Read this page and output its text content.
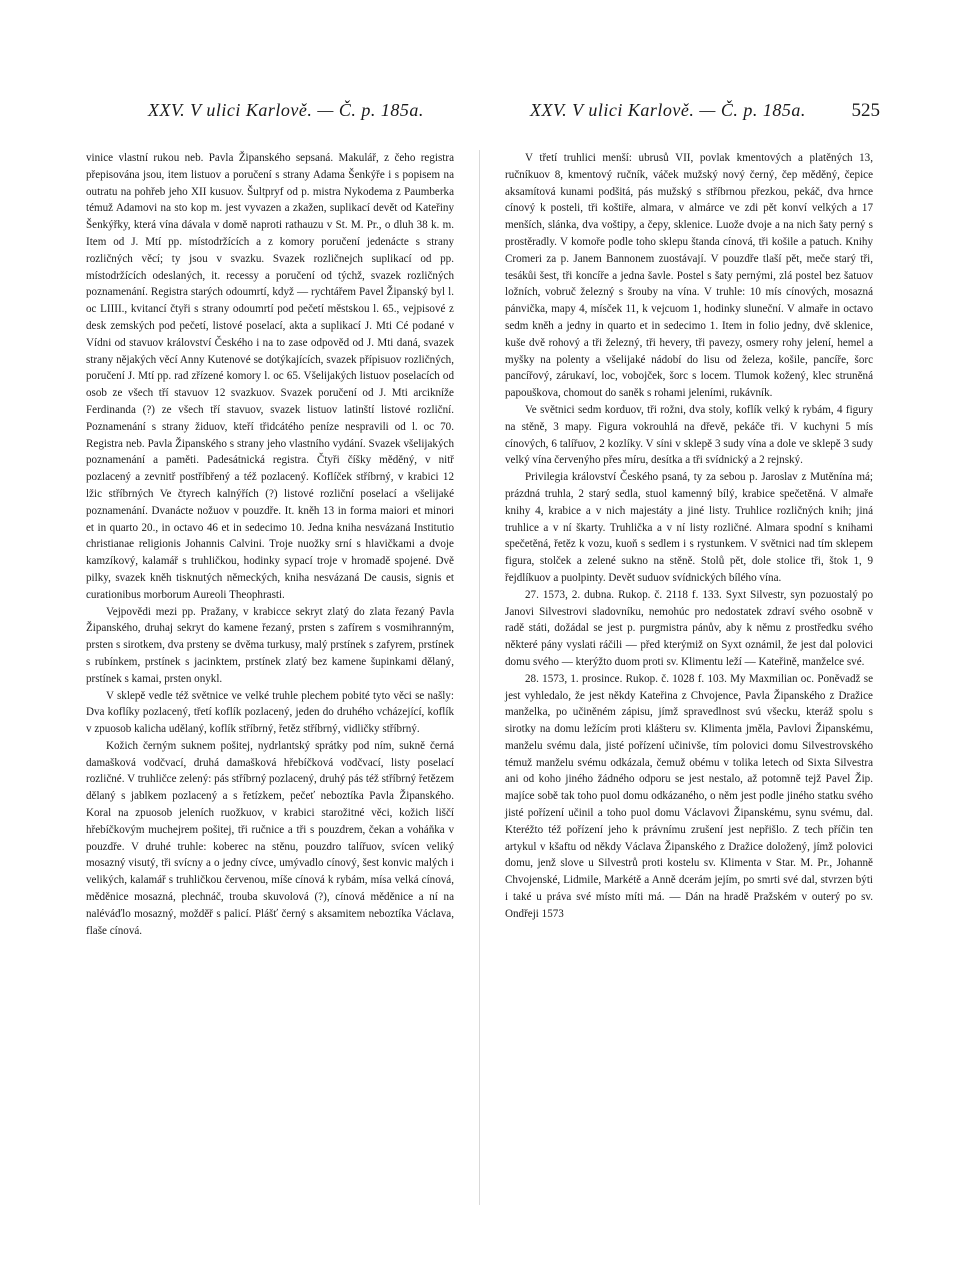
XXV. V ulici Karlově. — Č. p. 185a.	XXV. V ulici Karlově. — Č. p. 185a.	525

vinice vlastní rukou neb. Pavla Žipanského sepsaná. Makulář, z čeho registra přepisována jsou, item listuov a poručení s strany Adama Šenkýře i s popisem na outratu na pohřeb jeho XII kusuov. Šultpryf od p. mistra Nykodema z Paumberka témuž Adamovi na sto kop m. jest vyvazen a zkažen, suplikací devět od Kateřiny Šenkýřky, která vína dávala v domě naproti rathauzu v St. M. Pr., o dluh 38 k. m. Item od J. Mtí pp. místodržících a z komory poručení jedenácte s strany rozličných věcí; ty jsou v svazku. Svazek rozličnejch suplikací od pp. místodržících odeslaných, it. recessy a poručení od týchž, svazek rozličných poznamenání. Registra starých odoumrtí, když — rychtářem Pavel Žipanský byl l. oc LIIII., kvitancí čtyři s strany odoumrtí pod pečetí městskou l. 65., vejpisové z desk zemských pod pečetí, listové poselací, akta a suplikací J. Mti Cé podané v Vídni od stavuov království Českého i na to zase odpověd od J. Mti daná, svazek strany nějakých věcí Anny Kutenové se dotýkajících, svazek přípisuov rozličných, poručení J. Mtí pp. rad zřízené komory l. oc 65. Všelijakých listuov poselacích od osob ze všech tří stavuov 12 svazkuov. Svazek poručení od J. Mti arcikníže Ferdinanda (?) ze všech tří stavuov, svazek listuov latinští listové rozliční. Poznamenání s strany židuov, kteří třidcátého peníze nespravili od l. oc 70. Registra neb. Pavla Žipanského s strany jeho vlastního vydání. Svazek všelijakých poznamenání a paměti. Padesátnická registra. Čtyři číšky měděný, v nitř pozlacený a zevnitř postříbřený a též pozlacený. Koflíček stříbrný, v krabici 12 lžic stříbrných Ve čtyrech kalnýřích (?) listové rozliční poselací a všelijaké poznamenání. Dvanácte nožuov v pouzdře. It. kněh 13 in forma maiori et minori et in quarto 20., in octavo 46 et in sedecimo 10. Jedna kniha nesvázaná Institutio christianae religionis Johannis Calvini. Troje nuožky srní s hlavičkami a dvoje kamzíkový, kalamář s truhličkou, hodinky sypací troje v hromadě spojené. Dvě pilky, svazek kněh tisknutých německých, kniha nesvázaná De causis, signis et curationibus morborum Aureoli Theophrasti.

Vejpovědi mezi pp. Pražany, v krabicce sekryt zlatý do zlata řezaný Pavla Žipanského, druhaj sekryt do kamene řezaný, prsten s zafírem s vosmihranným, prsten s sirotkem, dva prsteny se dvěma turkusy, malý prstínek s zafyrem, prstínek s rubínkem, prstínek s jacinktem, prstínek zlatý bez kamene šupinkami dělaný, prstínek s kamai, prsten onykl.

V sklepě vedle též světnice ve velké truhle plechem pobité tyto věci se našly: Dva koflíky pozlacený, třetí koflík pozlacený, jeden do druhého vcházející, koflík v zpuosob kalicha udělaný, koflík stříbrný, řetěz stříbrný, vidličky stříbrný.

Kožich černým suknem pošitej, nydrlantský sprátky pod ním, sukně černá damašková vodčvací, druhá damašková hřebíčková vodčvací, listy poselací rozličné. V truhličce zelený: pás stříbrný pozlacený, druhý pás též stříbrný řetězem dělaný s jablkem pozlacený a s řetízkem, pečeť neboztíka Pavla Žipanského. Koral na zpuosob jeleních ruožkuov, v krabici starožitné věci, kožich liščí hřebíčkovým muchejrem pošitej, tři ručnice a tři s pouzdrem, čekan a voháňka v pouzdře. V druhé truhle: koberec na stěnu, pouzdro talířuov, svícen veliký mosazný visutý, tři svícny a o jedny cívce, umývadlo cínový, šest konvic malých i velikých, kalamář s truhličkou červenou, míše cínová k rybám, mísa velká cínová, měděnice mosazná, plechnáč, trouba skuvolová (?), cínová měděnice a ní na naléváďlo mosazný, možděř s palicí. Plášť černý s aksamitem neboztíka Václava, flaše cínová.

V třetí truhlici menší: ubrusů VII, povlak kmentových a platěných 13, ručníkuov 8, kmentový ručník, váček mužský nový černý, čep měděný, čepice aksamítová kunami podšitá, pás mužský s stříbrnou přezkou, pekáč, dva hrnce cínový k posteli, tři koštiře, almara, v almárce ve zdi pět konví velkých a 17 menších, slánka, dva voštipy, a čepy, sklenice. Luože dvoje a na nich šaty perný s prostěradly. V komoře podle toho sklepu štanda cínová, tři košile a patuch. Knihy Cromeri za p. Janem Bannonem zuostávají. V pouzdře tlaší pět, meče starý tři, tesákůi šest, tři koncíře a jedna šavle. Postel s šaty pernými, zlá postel bez šatuov ložních, vobruč železný s šrouby na vína. V truhle: 10 mís cínových, mosazná pánvička, mapy 4, mísček 11, k vejcuom 1, hodinky sluneční. V almaře in octavo sedm kněh a jedny in quarto et in sedecimo 1. Item in folio jedny, dvě sklenice, kuše dvě rohový a tři železný, tři hevery, tři pavezy, osmery rohy jelení, hemel a myšky na polenty a všelijaké nádobí do lisu od železa, košile, pancíře, šorc pancířový, zárukaví, loc, vobojček, šorc s locem. Tlumok kožený, klec struněná papouškova, chomout do saněk s rohami jeleními, rukávník.

Ve světnici sedm korduov, tři rožni, dva stoly, koflík velký k rybám, 4 figury na stěně, 3 mapy. Figura vokrouhlá na dřevě, pekáče tři. V kuchyni 5 mís cínových, 6 talířuov, 2 kozlíky. V síni v sklepě 3 sudy vína a dole ve sklepě 3 sudy velký vína červenýho přes míru, desítka a tři svídnický a 2 rejnský.

Privilegia království Českého psaná, ty za sebou p. Jaroslav z Mutěnína má; prázdná truhla, 2 starý sedla, stuol kamenný bílý, krabice spečetěná. V almaře knihy 4, krabice a v nich majestáty a jiné listy. Truhlice rozličných knih; jiná truhlice a v ní škarty. Truhlička a v ní listy rozličné. Almara spodní s knihami spečetěná, řetěz k vozu, kuoň s sedlem i s rystunkem. V světnici nad tím sklepem figura, stolček a zelené sukno na stěně. Stolů pět, dole stolice tři, štok 1, 9 řejdlíkuov a puolpinty. Devět suduov svídnických bílého vína.

27. 1573, 2. dubna. Rukop. č. 2118 f. 133. Syxt Silvestr, syn pozuostalý po Janovi Silvestrovi sladovníku, nemohúc pro nedostatek zdraví svého osobně v radě státi, dožádal se jest p. purgmistra pánův, aby k němu z prostředku svého některé pány vyslati ráčili — před kterýmiž on Syxt oznámil, že jest dal polovici domu svého — kterýžto duom proti sv. Klimentu leží — Kateřině, manželce své.

28. 1573, 1. prosince. Rukop. č. 1028 f. 103. My Maxmilian oc. Poněvadž se jest vyhledalo, že jest někdy Kateřina z Chvojence, Pavla Žipanského z Dražice manželka, po učiněném zápisu, jímž spravedlnost svú všecku, kteráž spolu s sirotky na domu ležícím proti klášteru sv. Klimenta jměla, Pavlovi Žipanskému, manželu svému dala, jisté pořízení učinivše, tím polovici domu Silvestrovského témuž manželu svému odkázala, čemuž obému v tolika letech od Sixta Silvestra ani od koho jiného žádného odporu se jest nestalo, až potomně tejž Pavel Žip. majíce sobě tak toho puol domu odkázaného, o něm jest podle jiného statku svého jisté pořízení učinil a toho puol domu Václavovi Žipanskému, synu svému, dal. Kteréžto též pořízení jeho k právnímu zrušení jest nepřišlo. Z tech příčin ten artykul v kšaftu od někdy Václava Žipanského z Dražice doložený, jímž polovici domu, jenž slove u Silvestrů proti kostelu sv. Klimenta v Star. M. Pr., Johanně Chvojenské, Lidmile, Markétě a Anně dcerám jejím, po smrti své dal, stvrzen býti i také u práva své místo míti má. — Dán na hradě Pražském v outerý po sv. Ondřeji 1573
